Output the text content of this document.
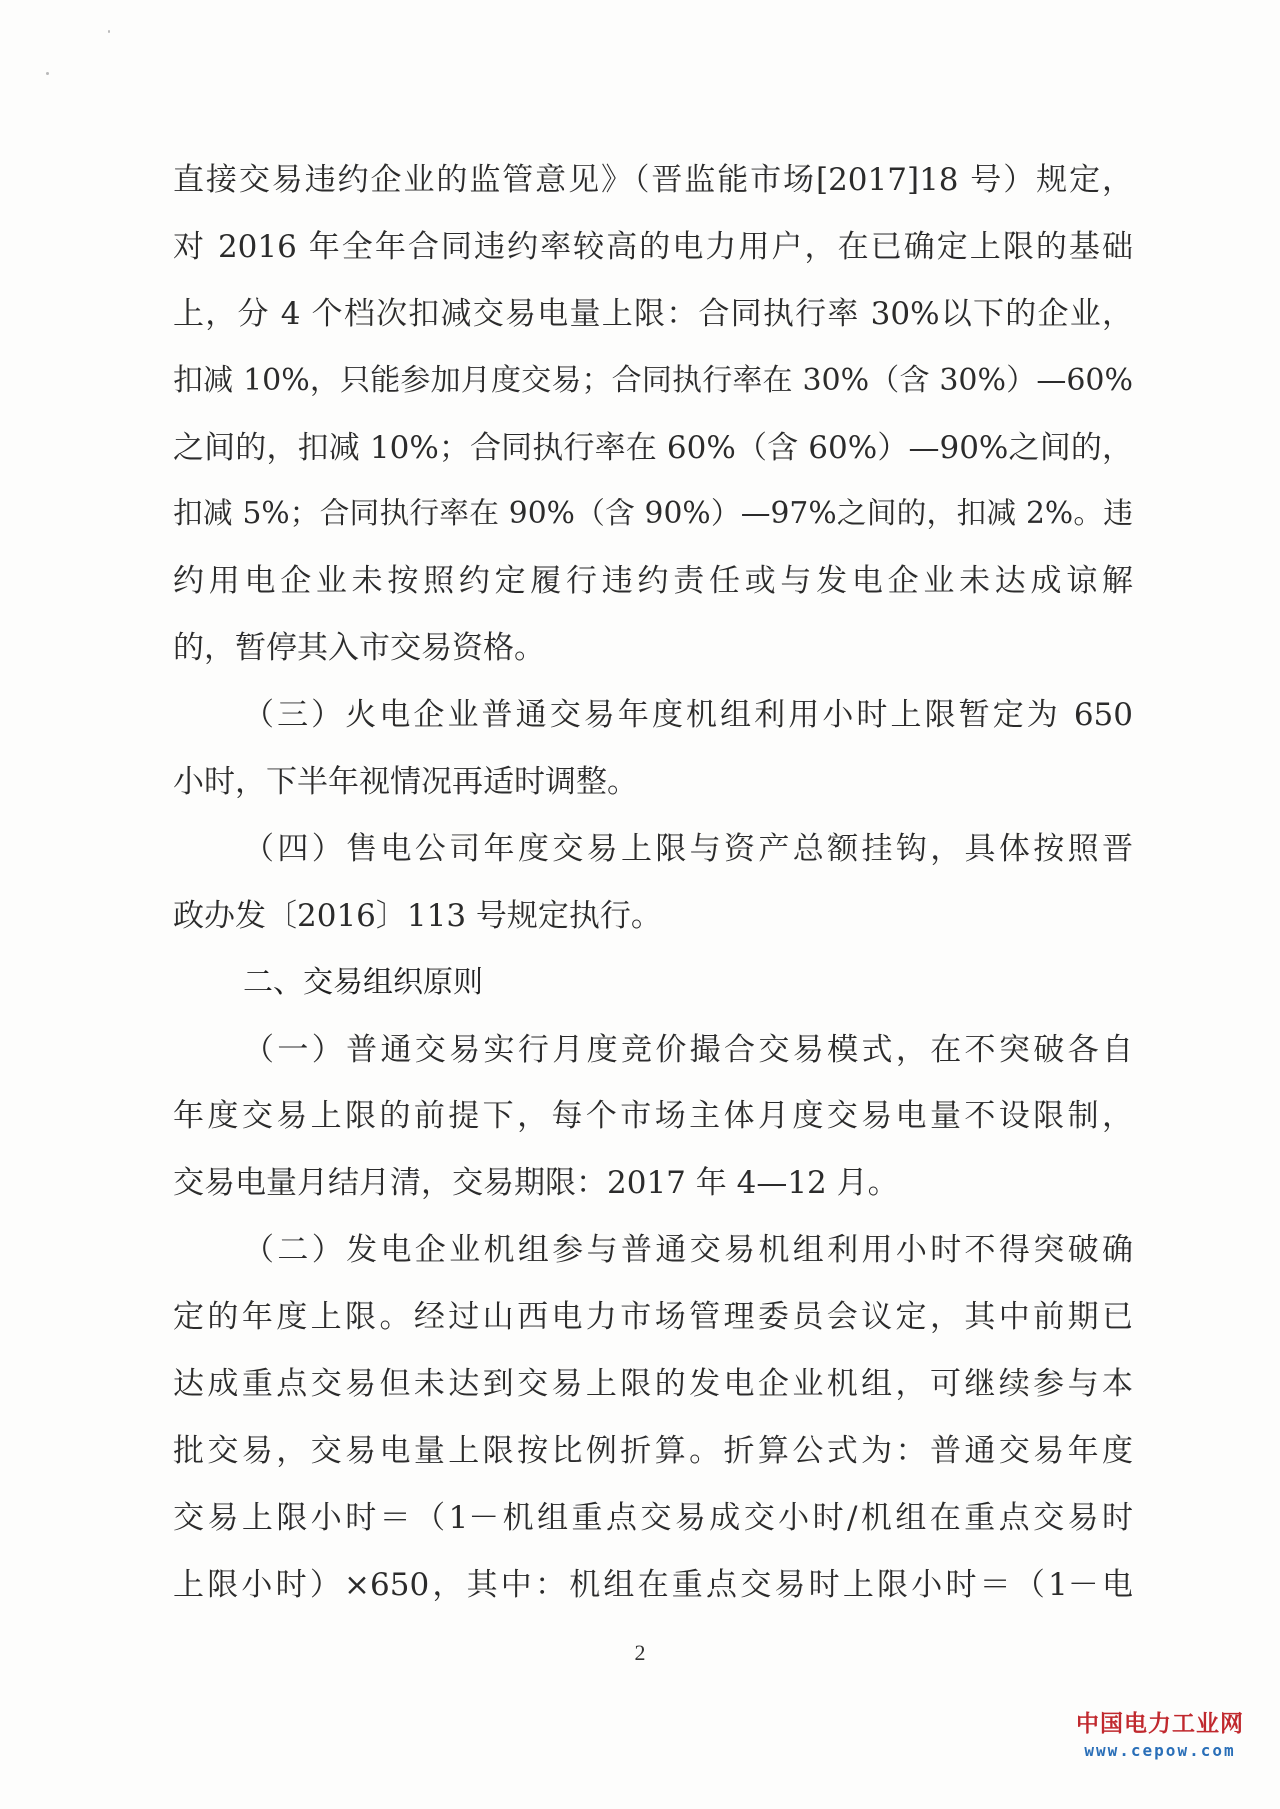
直接交易违约企业的监管意见》（晋监能市场[2017]18 号）规定，
对 2016 年全年合同违约率较高的电力用户，在已确定上限的基础
上，分 4 个档次扣减交易电量上限：合同执行率 30%以下的企业，
扣减 10%，只能参加月度交易；合同执行率在 30%（含 30%）—60%
之间的，扣减 10%；合同执行率在 60%（含 60%）—90%之间的，
扣减 5%；合同执行率在 90%（含 90%）—97%之间的，扣减 2%。违
约用电企业未按照约定履行违约责任或与发电企业未达成谅解
的，暂停其入市交易资格。
（三）火电企业普通交易年度机组利用小时上限暂定为 650
小时，下半年视情况再适时调整。
（四）售电公司年度交易上限与资产总额挂钩，具体按照晋
政办发〔2016〕113 号规定执行。
二、交易组织原则
（一）普通交易实行月度竞价撮合交易模式，在不突破各自
年度交易上限的前提下，每个市场主体月度交易电量不设限制，
交易电量月结月清，交易期限：2017 年 4—12 月。
（二）发电企业机组参与普通交易机组利用小时不得突破确
定的年度上限。经过山西电力市场管理委员会议定，其中前期已
达成重点交易但未达到交易上限的发电企业机组，可继续参与本
批交易，交易电量上限按比例折算。折算公式为：普通交易年度
交易上限小时＝（1－机组重点交易成交小时/机组在重点交易时
上限小时）×650，其中：机组在重点交易时上限小时＝（1－电
2
中国电力工业网
www.cepow.com
